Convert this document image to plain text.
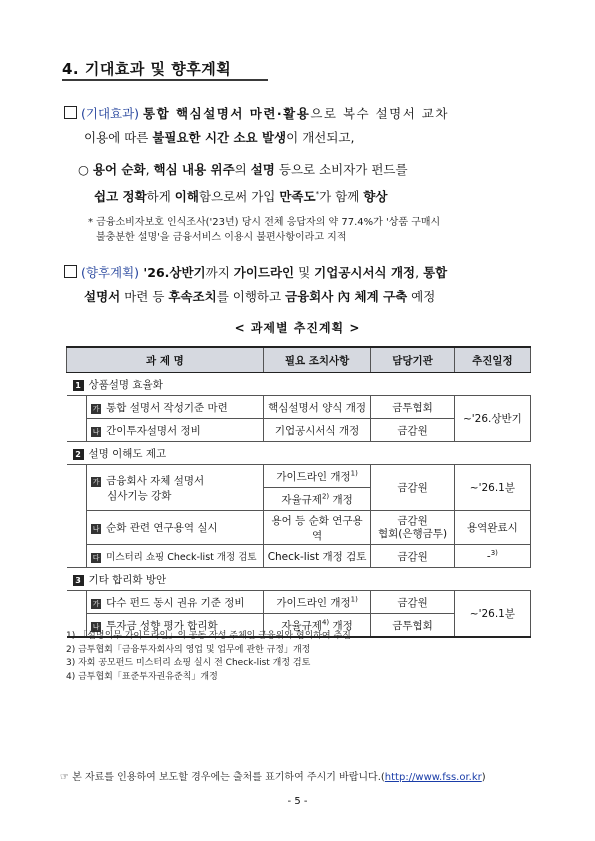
4. 기대효과 및 향후계획
(기대효과) 통합 핵심설명서 마련·활용으로 복수 설명서 교차
이용에 따른 불필요한 시간 소요 발생이 개선되고,
○ 용어 순화, 핵심 내용 위주의 설명 등으로 소비자가 펀드를
쉽고 정확하게 이해함으로써 가입 만족도*가 함께 향상
* 금융소비자보호 인식조사('23년) 당시 전체 응답자의 약 77.4%가 '상품 구매시
불충분한 설명'을 금융서비스 이용시 불편사항이라고 지적
(향후계획) '26.상반기까지 가이드라인 및 기업공시서식 개정, 통합
설명서 마련 등 후속조치를 이행하고 금융회사 內 체계 구축 예정
< 과제별 추진계획 >
과 제 명		필요 조치사항	담당기관	추진일정
1 상품설명 효율화				
	가 통합 설명서 작성기준 마련	핵심설명서 양식 개정	금투협회	~'26.상반기
	나 간이투자설명서 정비	기업공시서식 개정	금감원	
2 설명 이해도 제고				
	가 금융회사 자체 설명서
심사기능 강화	가이드라인 개정$^{1)}$	금감원	~'26.1분
		자율규제$^{2)}$ 개정		
	나 순화 관련 연구용역 실시	용어 등 순화 연구용역	금감원
협회(은행금투)	용역완료시
	다 미스터리 쇼핑 Check-list 개정 검토	Check-list 개정 검토	금감원	-$^{3)}$
3 기타 합리화 방안				
	가 다수 펀드 동시 권유 기준 정비	가이드라인 개정$^{1)}$	금감원	~'26.1분
	나 투자금 성향 평가 합리화	자율규제$^{4)}$ 개정	금투협회	
1) 「설명의무 가이드라인」의 공동 작성 주체인 금융위와 협의하여 추진
2) 금투협회「금융투자회사의 영업 및 업무에 관한 규정」개정
3) 자회 공모펀드 미스터리 쇼핑 실시 전 Check-list 개정 검토
4) 금투협회「표준투자권유준칙」개정
☞ 본 자료를 인용하여 보도할 경우에는 출처를 표기하여 주시기 바랍니다.(http://www.fss.or.kr)
- 5 -
